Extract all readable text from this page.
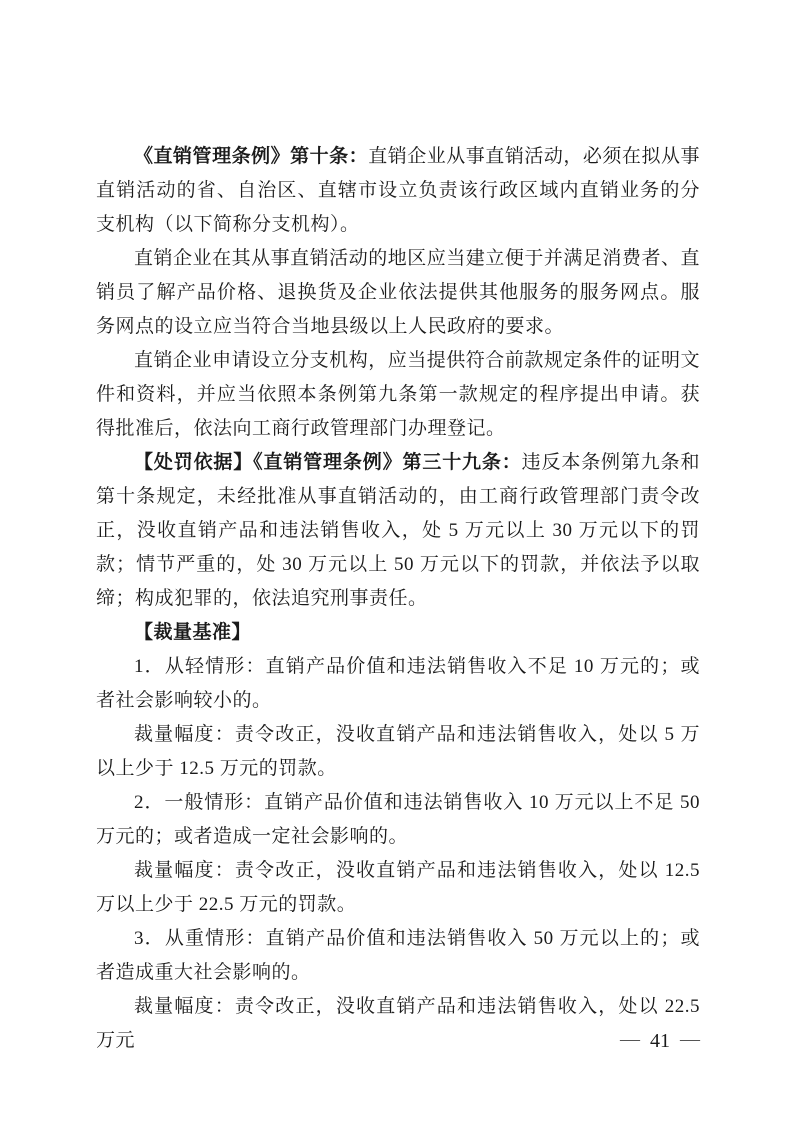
《直销管理条例》第十条：直销企业从事直销活动，必须在拟从事直销活动的省、自治区、直辖市设立负责该行政区域内直销业务的分支机构（以下简称分支机构）。

直销企业在其从事直销活动的地区应当建立便于并满足消费者、直销员了解产品价格、退换货及企业依法提供其他服务的服务网点。服务网点的设立应当符合当地县级以上人民政府的要求。

直销企业申请设立分支机构，应当提供符合前款规定条件的证明文件和资料，并应当依照本条例第九条第一款规定的程序提出申请。获得批准后，依法向工商行政管理部门办理登记。

【处罚依据】《直销管理条例》第三十九条：违反本条例第九条和第十条规定，未经批准从事直销活动的，由工商行政管理部门责令改正，没收直销产品和违法销售收入，处 5 万元以上 30 万元以下的罚款；情节严重的，处 30 万元以上 50 万元以下的罚款，并依法予以取缔；构成犯罪的，依法追究刑事责任。

【裁量基准】

1．从轻情形：直销产品价值和违法销售收入不足 10 万元的；或者社会影响较小的。

裁量幅度：责令改正，没收直销产品和违法销售收入，处以 5 万以上少于 12.5 万元的罚款。

2．一般情形：直销产品价值和违法销售收入 10 万元以上不足 50 万元的；或者造成一定社会影响的。

裁量幅度：责令改正，没收直销产品和违法销售收入，处以 12.5 万以上少于 22.5 万元的罚款。

3．从重情形：直销产品价值和违法销售收入 50 万元以上的；或者造成重大社会影响的。

裁量幅度：责令改正，没收直销产品和违法销售收入，处以 22.5 万元	— 41 —
